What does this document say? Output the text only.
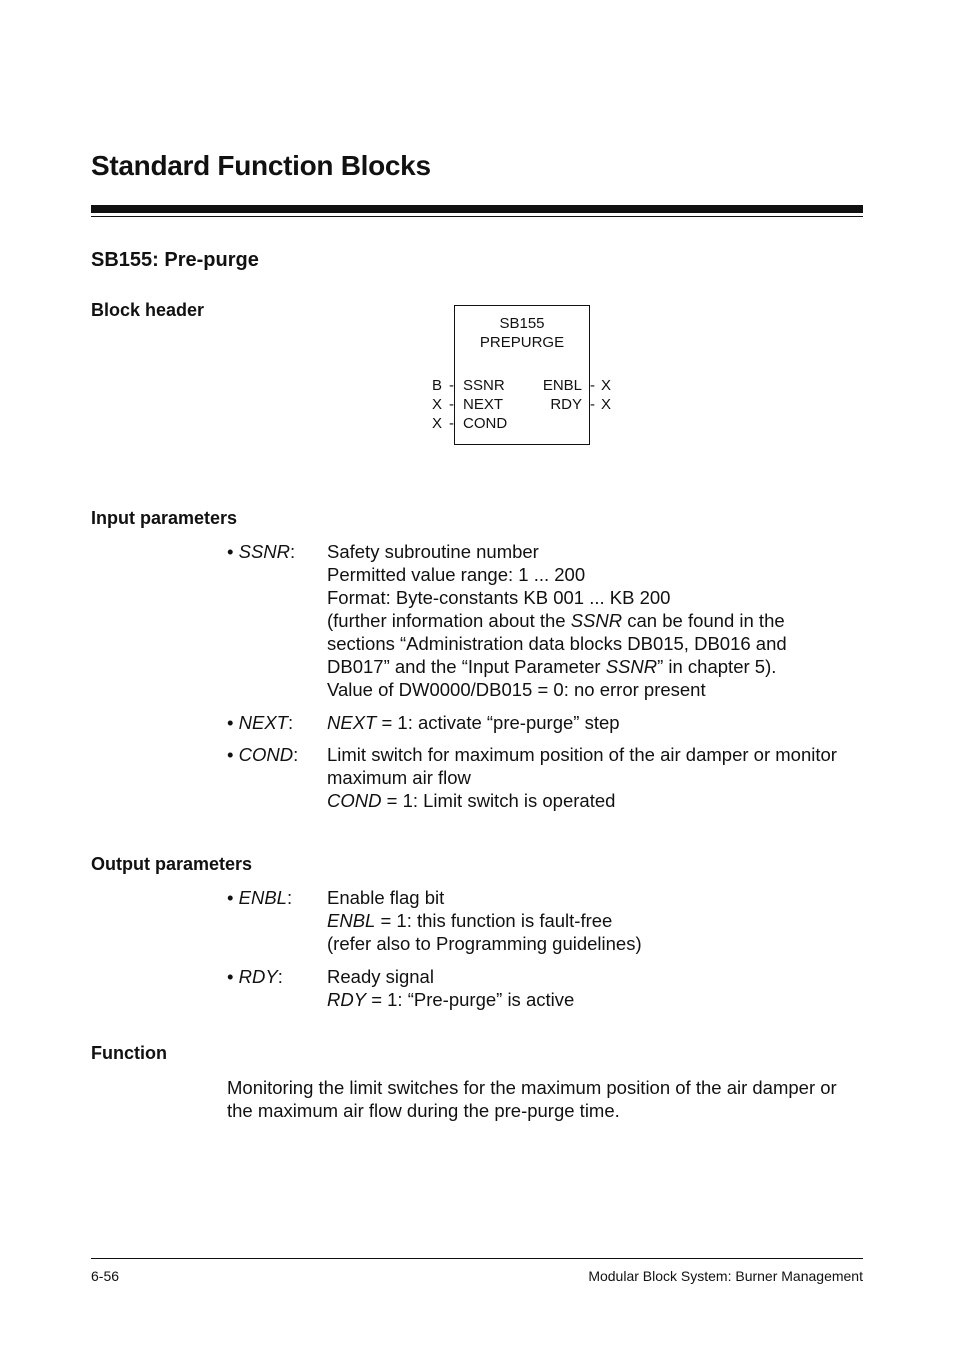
Standard Function Blocks
SB155: Pre-purge
Block header
SB155
PREPURGE
B - SSNR
X - NEXT
X - COND
ENBL - X
RDY - X
Input parameters
• SSNR: Safety subroutine number
Permitted value range: 1 ... 200
Format: Byte-constants KB 001 ... KB 200
(further information about the SSNR can be found in the
sections “Administration data blocks DB015, DB016 and
DB017” and the “Input Parameter SSNR” in chapter 5).
Value of DW0000/DB015 = 0: no error present
• NEXT: NEXT = 1: activate “pre-purge” step
• COND: Limit switch for maximum position of the air damper or monitor
maximum air flow
COND = 1: Limit switch is operated
Output parameters
• ENBL: Enable flag bit
ENBL = 1: this function is fault-free
(refer also to Programming guidelines)
• RDY: Ready signal
RDY = 1: “Pre-purge” is active
Function
Monitoring the limit switches for the maximum position of the air damper or
the maximum air flow during the pre-purge time.
6-56	Modular Block System: Burner Management
